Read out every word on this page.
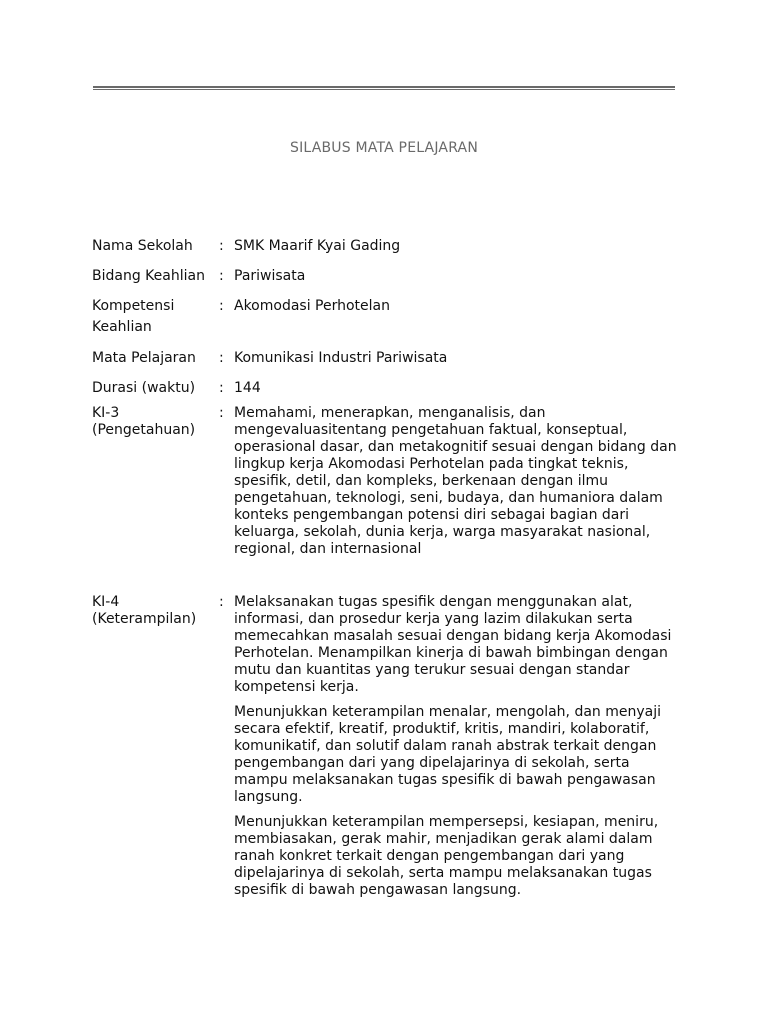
SILABUS MATA PELAJARAN
Nama Sekolah	: SMK Maarif Kyai Gading
Bidang Keahlian	: Pariwisata
Kompetensi Keahlian
: Akomodasi Perhotelan
Mata Pelajaran	: Komunikasi Industri Pariwisata
Durasi (waktu)	: 144
KI-3 (Pengetahuan)
: Memahami, menerapkan, menganalisis, dan mengevaluasitentang pengetahuan faktual, konseptual, operasional dasar, dan metakognitif sesuai dengan bidang dan lingkup kerja Akomodasi Perhotelan pada tingkat teknis, spesifik, detil, dan kompleks, berkenaan dengan ilmu pengetahuan, teknologi, seni, budaya, dan humaniora dalam konteks pengembangan potensi diri sebagai bagian dari keluarga, sekolah, dunia kerja, warga masyarakat nasional, regional, dan internasional

KI-4 (Keterampilan)
: Melaksanakan tugas spesifik dengan menggunakan alat, informasi, dan prosedur kerja yang lazim dilakukan serta memecahkan masalah sesuai dengan bidang kerja Akomodasi Perhotelan. Menampilkan kinerja di bawah bimbingan dengan mutu dan kuantitas yang terukur sesuai dengan standar kompetensi kerja.

Menunjukkan keterampilan menalar, mengolah, dan menyaji secara efektif, kreatif, produktif, kritis, mandiri, kolaboratif, komunikatif, dan solutif dalam ranah abstrak terkait dengan pengembangan dari yang dipelajarinya di sekolah, serta mampu melaksanakan tugas spesifik di bawah pengawasan langsung.

Menunjukkan keterampilan mempersepsi, kesiapan, meniru, membiasakan, gerak mahir, menjadikan gerak alami dalam ranah konkret terkait dengan pengembangan dari yang dipelajarinya di sekolah, serta mampu melaksanakan tugas spesifik di bawah pengawasan langsung.
